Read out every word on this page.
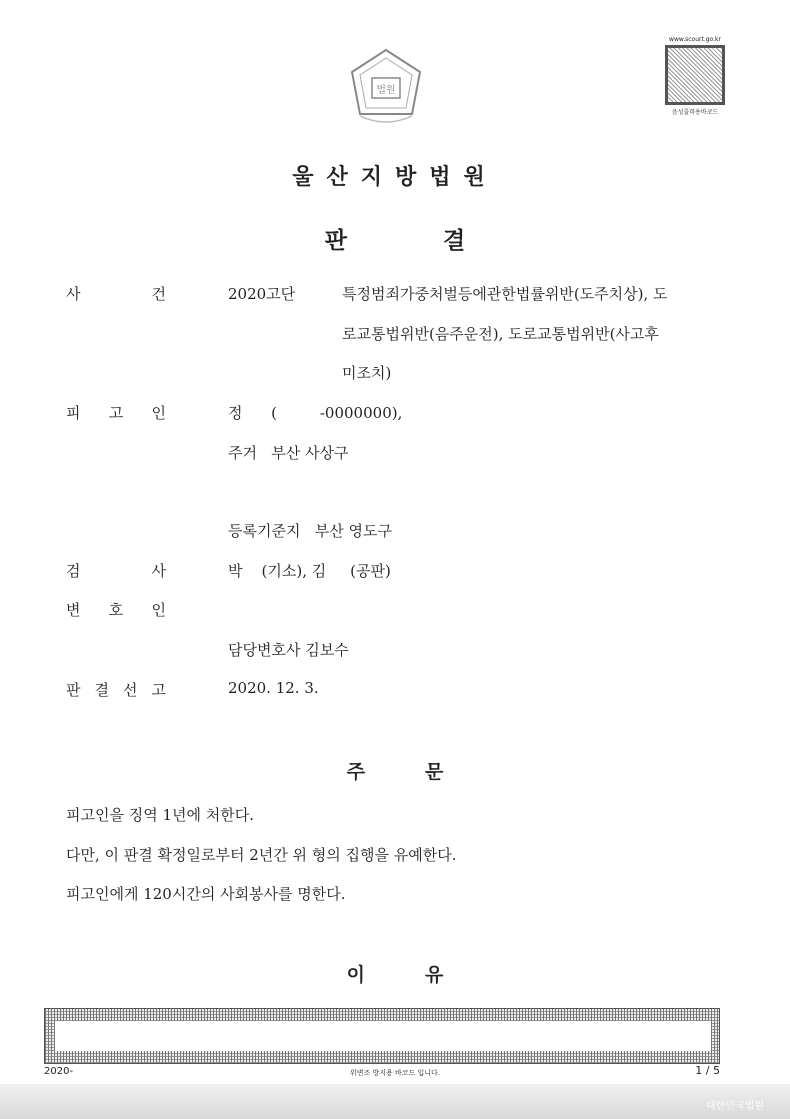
법원
www.scourt.go.kr
음성출력용바코드
울산지방법원
판	결
사	건	2020고단	특정범죄가중처벌등에관한법률위반(도주치상), 도
로교통법위반(음주운전), 도로교통법위반(사고후
미조치)
피 고 인	정      (         -0000000),
주거   부산 사상구
등록기준지   부산 영도구
검	사	박    (기소), 김     (공판)
변 호 인
담당변호사 김보수
판 결 선 고	2020. 12. 3.
주	문
피고인을 징역 1년에 처한다.
다만, 이 판결 확정일로부터 2년간 위 형의 집행을 유예한다.
피고인에게 120시간의 사회봉사를 명한다.
이	유
2020-	위변조 방지용 바코드 입니다.	1 / 5
대한민국법원
